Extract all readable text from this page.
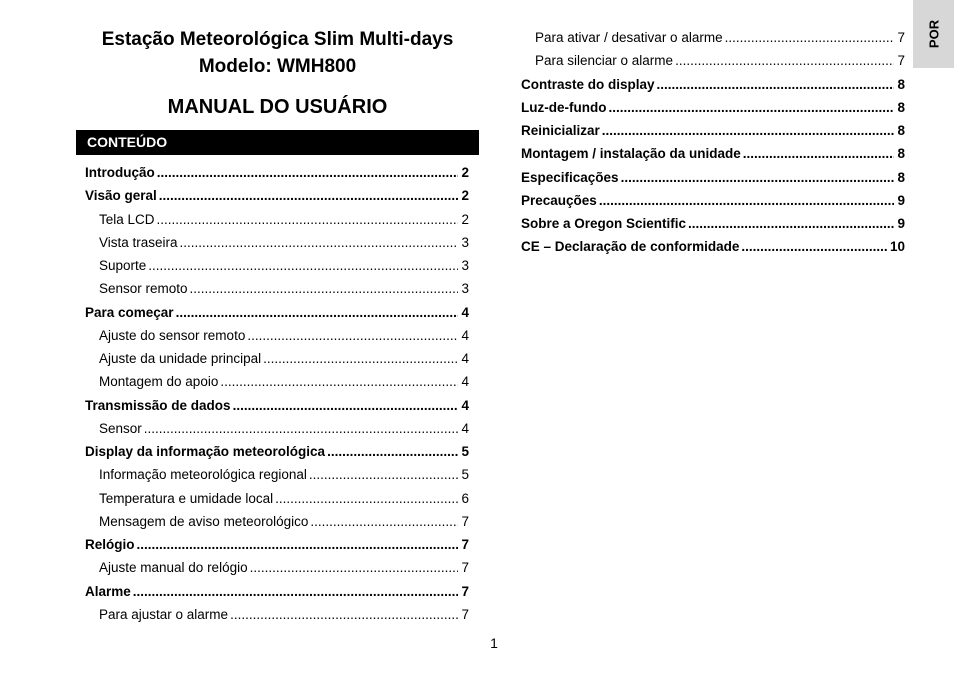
Estação Meteorológica Slim Multi-days
Modelo: WMH800
MANUAL DO USUÁRIO
CONTEÚDO
Introdução .....	2
Visão geral .....	2
Tela LCD .....	2
Vista traseira .....	3
Suporte .....	3
Sensor remoto .....	3
Para começar .....	4
Ajuste do sensor remoto .....	4
Ajuste da unidade principal .....	4
Montagem do apoio .....	4
Transmissão de dados .....	4
Sensor .....	4
Display da informação meteorológica .....	5
Informação meteorológica regional .....	5
Temperatura e umidade local .....	6
Mensagem de aviso meteorológico .....	7
Relógio .....	7
Ajuste manual do relógio .....	7
Alarme .....	7
Para ajustar o alarme .....	7
Para ativar / desativar o alarme .....	7
Para silenciar o alarme .....	7
Contraste do display .....	8
Luz-de-fundo .....	8
Reinicializar .....	8
Montagem / instalação da unidade .....	8
Especificações .....	8
Precauções .....	9
Sobre a Oregon Scientific .....	9
CE – Declaração de conformidade .....	10
POR
1
